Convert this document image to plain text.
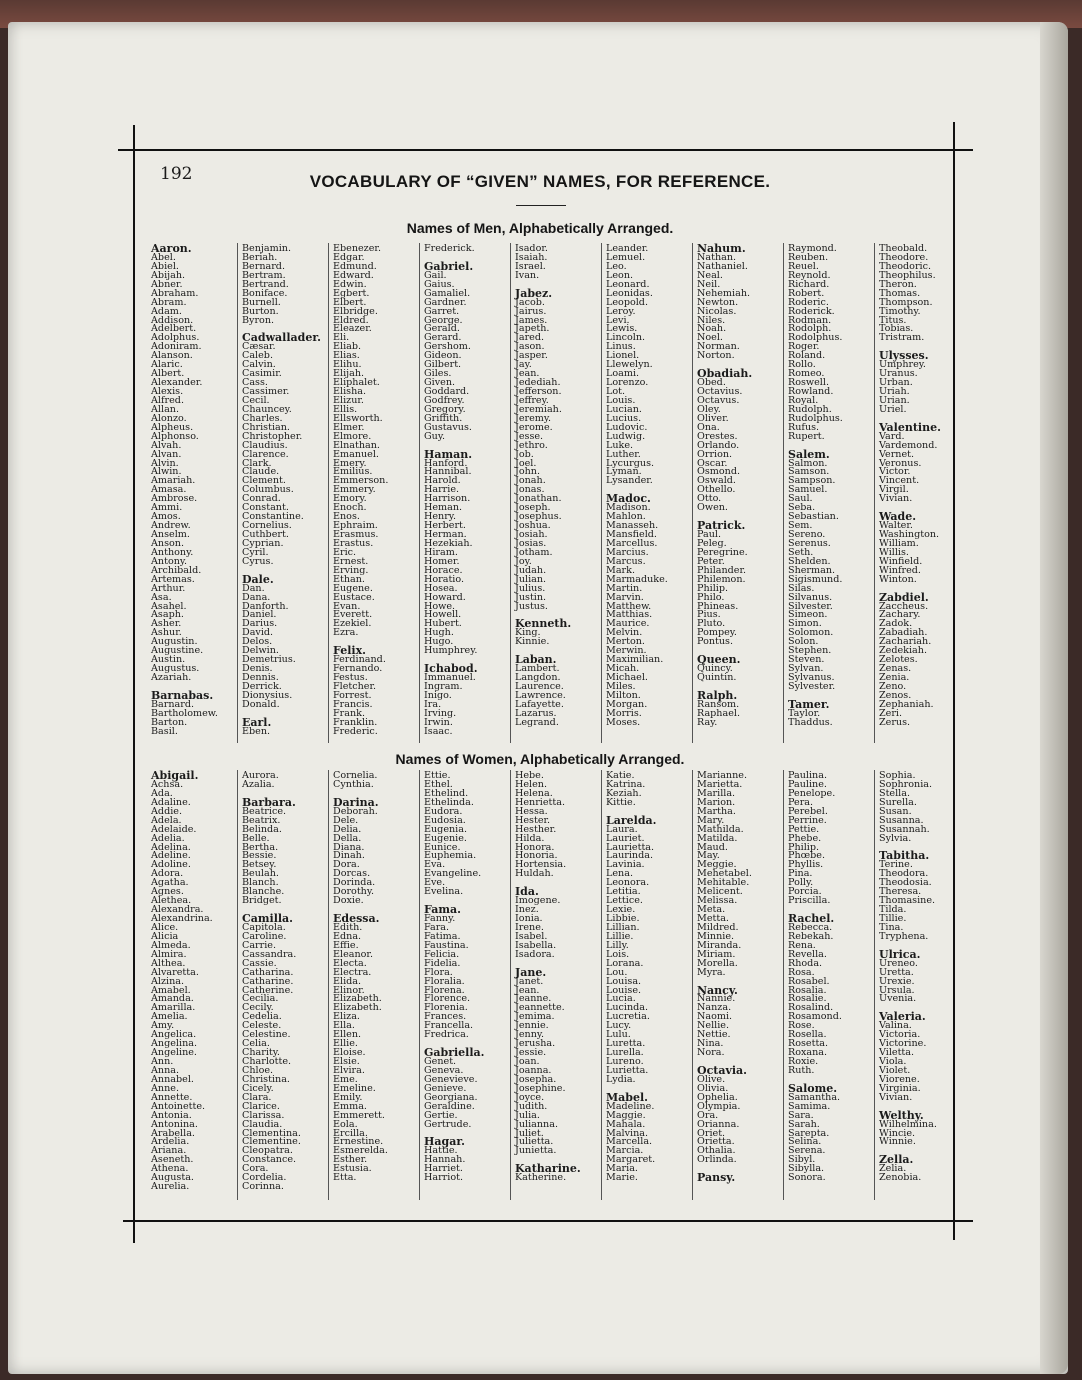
192	VOCABULARY OF “GIVEN” NAMES, FOR REFERENCE.
Names of Men, Alphabetically Arranged.
Aaron.
Abel.
Abiel.
Abijah.
Abner.
Abraham.
Abram.
Adam.
Addison.
Adelbert.
Adolphus.
Adoniram.
Alanson.
Alaric.
Albert.
Alexander.
Alexis.
Alfred.
Allan.
Alonzo.
Alpheus.
Alphonso.
Alvah.
Alvan.
Alvin.
Alwin.
Amariah.
Amasa.
Ambrose.
Ammi.
Amos.
Andrew.
Anselm.
Anson.
Anthony.
Antony.
Archibald.
Artemas.
Arthur.
Asa.
Asahel.
Asaph.
Asher.
Ashur.
Augustin.
Augustine.
Austin.
Augustus.
Azariah.
Barnabas.
Barnard.
Bartholomew.
Barton.
Basil.
Benjamin.
Beriah.
Bernard.
Bertram.
Bertrand.
Boniface.
Burnell.
Burton.
Byron.
Cadwallader.
Cæsar.
Caleb.
Calvin.
Casimir.
Cass.
Cassimer.
Cecil.
Chauncey.
Charles.
Christian.
Christopher.
Claudius.
Clarence.
Clark.
Claude.
Clement.
Columbus.
Conrad.
Constant.
Constantine.
Cornelius.
Cuthbert.
Cyprian.
Cyril.
Cyrus.
Dale.
Dan.
Dana.
Danforth.
Daniel.
Darius.
David.
Delos.
Delwin.
Demetrius.
Denis.
Dennis.
Derrick.
Dionysius.
Donald.
Earl.
Eben.
Ebenezer.
Edgar.
Edmund.
Edward.
Edwin.
Egbert.
Elbert.
Elbridge.
Eldred.
Eleazer.
Eli.
Eliab.
Elias.
Elihu.
Elijah.
Eliphalet.
Elisha.
Elizur.
Ellis.
Ellsworth.
Elmer.
Elmore.
Elnathan.
Emanuel.
Emery.
Emilius.
Emmerson.
Emmery.
Emory.
Enoch.
Enos.
Ephraim.
Erasmus.
Erastus.
Eric.
Ernest.
Erving.
Ethan.
Eugene.
Eustace.
Evan.
Everett.
Ezekiel.
Ezra.
Felix.
Ferdinand.
Fernando.
Festus.
Fletcher.
Forrest.
Francis.
Frank.
Franklin.
Frederic.
Frederick.
Gabriel.
Gail.
Gaius.
Gamaliel.
Gardner.
Garret.
George.
Gerald.
Gerard.
Gershom.
Gideon.
Gilbert.
Giles.
Given.
Goddard.
Godfrey.
Gregory.
Griffith.
Gustavus.
Guy.
Haman.
Hanford.
Hannibal.
Harold.
Harrie.
Harrison.
Heman.
Henry.
Herbert.
Herman.
Hezekiah.
Hiram.
Homer.
Horace.
Horatio.
Hosea.
Howard.
Howe.
Howell.
Hubert.
Hugh.
Hugo.
Humphrey.
Ichabod.
Immanuel.
Ingram.
Inigo.
Ira.
Irving.
Irwin.
Isaac.
Isador.
Isaiah.
Israel.
Ivan.
Jabez.
Jacob.
Jairus.
James.
Japeth.
Jared.
Jason.
Jasper.
Jay.
Jean.
Jedediah.
Jefferson.
Jeffrey.
Jeremiah.
Jeremy.
Jerome.
Jesse.
Jethro.
Job.
Joel.
John.
Jonah.
Jonas.
Jonathan.
Joseph.
Josephus.
Joshua.
Josiah.
Josias.
Jotham.
Joy.
Judah.
Julian.
Julius.
Justin.
Justus.
Kenneth.
King.
Kinnie.
Laban.
Lambert.
Langdon.
Laurence.
Lawrence.
Lafayette.
Lazarus.
Legrand.
Leander.
Lemuel.
Leo.
Leon.
Leonard.
Leonidas.
Leopold.
Leroy.
Levi.
Lewis.
Lincoln.
Linus.
Lionel.
Llewelyn.
Loami.
Lorenzo.
Lot.
Louis.
Lucian.
Lucius.
Ludovic.
Ludwig.
Luke.
Luther.
Lycurgus.
Lyman.
Lysander.
Madoc.
Madison.
Mahlon.
Manasseh.
Mansfield.
Marcellus.
Marcius.
Marcus.
Mark.
Marmaduke.
Martin.
Marvin.
Matthew.
Matthias.
Maurice.
Melvin.
Merton.
Merwin.
Maximilian.
Micah.
Michael.
Miles.
Milton.
Morgan.
Morris.
Moses.
Nahum.
Nathan.
Nathaniel.
Neal.
Neil.
Nehemiah.
Newton.
Nicolas.
Niles.
Noah.
Noel.
Norman.
Norton.
Obadiah.
Obed.
Octavius.
Octavus.
Oley.
Oliver.
Ona.
Orestes.
Orlando.
Orrion.
Oscar.
Osmond.
Oswald.
Othello.
Otto.
Owen.
Patrick.
Paul.
Peleg.
Peregrine.
Peter.
Philander.
Philemon.
Philip.
Philo.
Phineas.
Pius.
Pluto.
Pompey.
Pontus.
Queen.
Quincy.
Quintin.
Ralph.
Ransom.
Raphael.
Ray.
Raymond.
Reuben.
Reuel.
Reynold.
Richard.
Robert.
Roderic.
Roderick.
Rodman.
Rodolph.
Rodolphus.
Roger.
Roland.
Rollo.
Romeo.
Roswell.
Rowland.
Royal.
Rudolph.
Rudolphus.
Rufus.
Rupert.
Salem.
Salmon.
Samson.
Sampson.
Samuel.
Saul.
Seba.
Sebastian.
Sem.
Sereno.
Serenus.
Seth.
Shelden.
Sherman.
Sigismund.
Silas.
Silvanus.
Silvester.
Simeon.
Simon.
Solomon.
Solon.
Stephen.
Steven.
Sylvan.
Sylvanus.
Sylvester.
Tamer.
Taylor.
Thaddus.
Theobald.
Theodore.
Theodoric.
Theophilus.
Theron.
Thomas.
Thompson.
Timothy.
Titus.
Tobias.
Tristram.
Ulysses.
Umphrey.
Uranus.
Urban.
Uriah.
Urian.
Uriel.
Valentine.
Vard.
Vardemond.
Vernet.
Veronus.
Victor.
Vincent.
Virgil.
Vivian.
Wade.
Walter.
Washington.
William.
Willis.
Winfield.
Winfred.
Winton.
Zabdiel.
Zaccheus.
Zachary.
Zadok.
Zabadiah.
Zachariah.
Zedekiah.
Zelotes.
Zenas.
Zenia.
Zeno.
Zenos.
Zephaniah.
Zeri.
Zerus.
Names of Women, Alphabetically Arranged.
Abigail.
Achsa.
Ada.
Adaline.
Addie.
Adela.
Adelaide.
Adelia.
Adelina.
Adeline.
Adoline.
Adora.
Agatha.
Agnes.
Alethea.
Alexandra.
Alexandrina.
Alice.
Alicia
Almeda.
Almira.
Althea.
Alvaretta.
Alzina.
Amabel.
Amanda.
Amarilla.
Amelia.
Amy.
Angelica.
Angelina.
Angeline.
Ann.
Anna.
Annabel.
Anne.
Annette.
Antoinette.
Antonia.
Antonina.
Arabella.
Ardelia.
Ariana.
Aseneth.
Athena.
Augusta.
Aurelia.
Aurora.
Azalia.
Barbara.
Beatrice.
Beatrix.
Belinda.
Belle.
Bertha.
Bessie.
Betsey.
Beulah.
Blanch.
Blanche.
Bridget.
Camilla.
Capitola.
Caroline.
Carrie.
Cassandra.
Cassie.
Catharina.
Catharine.
Catherine.
Cecilia.
Cecily.
Cedelia.
Celeste.
Celestine.
Celia.
Charity.
Charlotte.
Chloe.
Christina.
Cicely.
Clara.
Clarice.
Clarissa.
Claudia.
Clementina.
Clementine.
Cleopatra.
Constance.
Cora.
Cordelia.
Corinna.
Cornelia.
Cynthia.
Darina.
Deborah.
Dele.
Delia.
Della.
Diana.
Dinah.
Dora.
Dorcas.
Dorinda.
Dorothy.
Doxie.
Edessa.
Edith.
Edna.
Effie.
Eleanor.
Electa.
Electra.
Elida.
Elinor.
Elizabeth.
Elizabeth.
Eliza.
Ella.
Ellen.
Ellie.
Eloise.
Elsie.
Elvira.
Eme.
Emeline.
Emily.
Emma.
Emmerett.
Eola.
Ercilla.
Ernestine.
Esmerelda.
Esther.
Estusia.
Etta.
Ettie.
Ethel.
Ethelind.
Ethelinda.
Eudora.
Eudosia.
Eugenia.
Eugenie.
Eunice.
Euphemia.
Eva.
Evangeline.
Eve.
Evelina.
Fama.
Fanny.
Fara.
Fatima.
Faustina.
Felicia.
Fidelia.
Flora.
Floralia.
Florena.
Florence.
Florenia.
Frances.
Francella.
Fredrica.
Gabriella.
Genet.
Geneva.
Genevieve.
Genieve.
Georgiana.
Geraldine.
Gertie.
Gertrude.
Hagar.
Hattie.
Hannah.
Harriet.
Harriot.
Hebe.
Helen.
Helena.
Henrietta.
Hessa.
Hester.
Hesther.
Hilda.
Honora.
Honoria.
Hortensia.
Huldah.
Ida.
Imogene.
Inez.
Ionia.
Irene.
Isabel.
Isabella.
Isadora.
Jane.
Janet.
Jean.
Jeanne.
Jeannette.
Jemima.
Jennie.
Jenny.
Jerusha.
Jessie.
Joan.
Joanna.
Josepha.
Josephine.
Joyce.
Judith.
Julia.
Julianna.
Juliet.
Julietta.
Junietta.
Katharine.
Katherine.
Katie.
Katrina.
Keziah.
Kittie.
Larelda.
Laura.
Lauriet.
Laurietta.
Laurinda.
Lavinia.
Lena.
Leonora.
Letitia.
Lettice.
Lexie.
Libbie.
Lillian.
Lillie.
Lilly.
Lois.
Lorana.
Lou.
Louisa.
Louise.
Lucia.
Lucinda.
Lucretia.
Lucy.
Lulu.
Luretta.
Lurella.
Lureno.
Lurietta.
Lydia.
Mabel.
Madeline.
Maggie.
Mahala.
Malvina.
Marcella.
Marcia.
Margaret.
Maria.
Marie.
Marianne.
Marietta.
Marilla.
Marion.
Martha.
Mary.
Mathilda.
Matilda.
Maud.
May.
Meggie.
Mehetabel.
Mehitable.
Melicent.
Melissa.
Meta.
Metta.
Mildred.
Minnie.
Miranda.
Miriam.
Morella.
Myra.
Nancy.
Nannie.
Nanza.
Naomi.
Nellie.
Nettie.
Nina.
Nora.
Octavia.
Olive.
Olivia.
Ophelia.
Olympia.
Ora.
Orianna.
Oriet.
Orietta.
Othalia.
Orlinda.
Pansy.
Paulina.
Pauline.
Penelope.
Pera.
Perebel.
Perrine.
Pettie.
Phebe.
Philip.
Phœbe.
Phyllis.
Pina.
Polly.
Porcia.
Priscilla.
Rachel.
Rebecca.
Rebekah.
Rena.
Revella.
Rhoda.
Rosa.
Rosabel.
Rosalia.
Rosalie.
Rosalind.
Rosamond.
Rose.
Rosella.
Rosetta.
Roxana.
Roxie.
Ruth.
Salome.
Samantha.
Samima.
Sara.
Sarah.
Sarepta.
Selina.
Serena.
Sibyl.
Sibylla.
Sonora.
Sophia.
Sophronia.
Stella.
Surella.
Susan.
Susanna.
Susannah.
Sylvia.
Tabitha.
Terine.
Theodora.
Theodosia.
Theresa.
Thomasine.
Tilda.
Tillie.
Tina.
Tryphena.
Ulrica.
Ureneo.
Uretta.
Urexie.
Ursula.
Uvenia.
Valeria.
Valina.
Victoria.
Victorine.
Viletta.
Viola.
Violet.
Viorene.
Virginia.
Vivian.
Welthy.
Wilhelmina.
Wincie.
Winnie.
Zella.
Zelia.
Zenobia.
